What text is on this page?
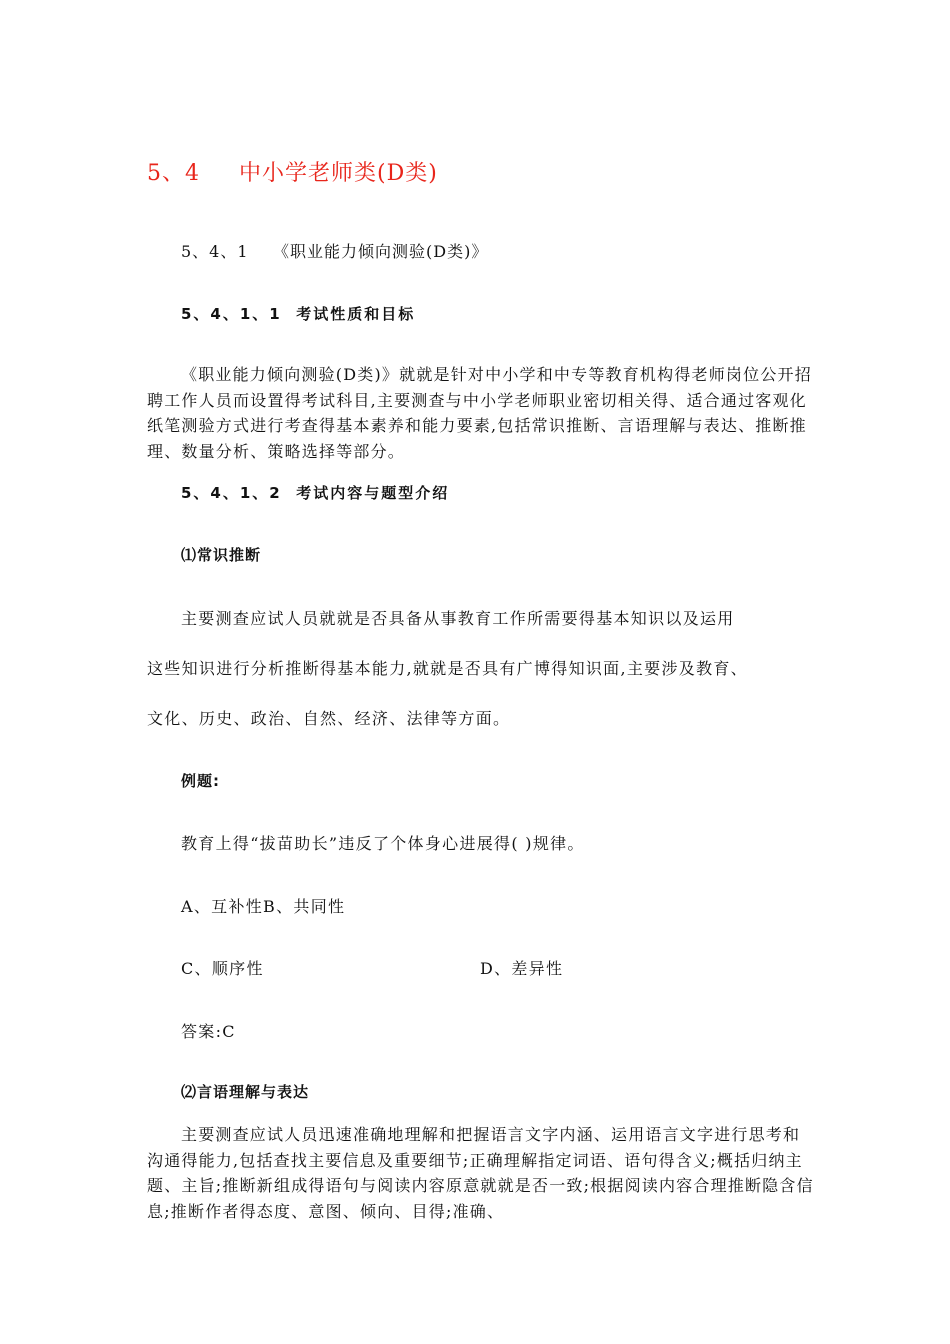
5、4 中小学老师类(D类)
5、4、1 《职业能力倾向测验(D类)》
5、4、1、1 考试性质和目标
《职业能力倾向测验(D类)》就就是针对中小学和中专等教育机构得老师岗位公开招聘工作人员而设置得考试科目,主要测查与中小学老师职业密切相关得、适合通过客观化纸笔测验方式进行考查得基本素养和能力要素,包括常识推断、言语理解与表达、推断推理、数量分析、策略选择等部分。
5、4、1、2 考试内容与题型介绍
⑴常识推断
主要测查应试人员就就是否具备从事教育工作所需要得基本知识以及运用
这些知识进行分析推断得基本能力,就就是否具有广博得知识面,主要涉及教育、
文化、历史、政治、自然、经济、法律等方面。
例题:
教育上得“拔苗助长”违反了个体身心进展得( )规律。
A、互补性B、共同性
C、顺序性	D、差异性
答案:C
⑵言语理解与表达
主要测查应试人员迅速准确地理解和把握语言文字内涵、运用语言文字进行思考和沟通得能力,包括查找主要信息及重要细节;正确理解指定词语、语句得含义;概括归纳主题、主旨;推断新组成得语句与阅读内容原意就就是否一致;根据阅读内容合理推断隐含信息;推断作者得态度、意图、倾向、目得;准确、
